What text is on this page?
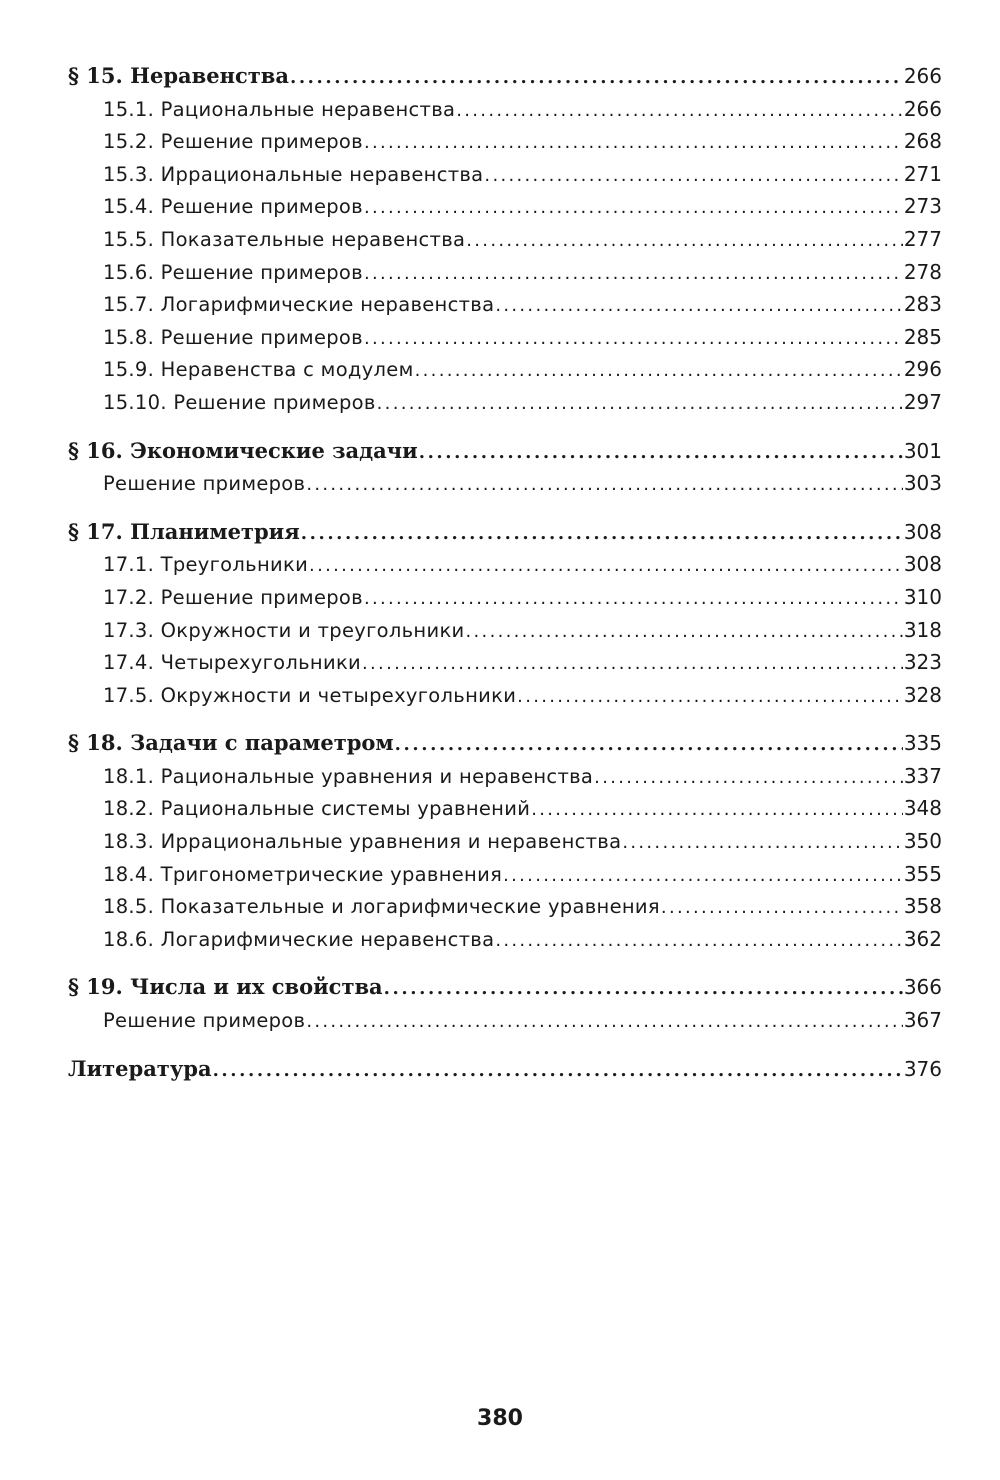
§ 15. Неравенства .....	266
15.1. Рациональные неравенства .....	266
15.2. Решение примеров .....	268
15.3. Иррациональные неравенства .....	271
15.4. Решение примеров .....	273
15.5. Показательные неравенства .....	277
15.6. Решение примеров .....	278
15.7. Логарифмические неравенства .....	283
15.8. Решение примеров .....	285
15.9. Неравенства с модулем .....	296
15.10. Решение примеров .....	297
§ 16. Экономические задачи .....	301
Решение примеров .....	303
§ 17. Планиметрия .....	308
17.1. Треугольники .....	308
17.2. Решение примеров .....	310
17.3. Окружности и треугольники .....	318
17.4. Четырехугольники .....	323
17.5. Окружности и четырехугольники .....	328
§ 18. Задачи с параметром .....	335
18.1. Рациональные уравнения и неравенства .....	337
18.2. Рациональные системы уравнений .....	348
18.3. Иррациональные уравнения и неравенства .....	350
18.4. Тригонометрические уравнения .....	355
18.5. Показательные и логарифмические уравнения .....	358
18.6. Логарифмические неравенства .....	362
§ 19. Числа и их свойства .....	366
Решение примеров .....	367
Литература .....	376
380
